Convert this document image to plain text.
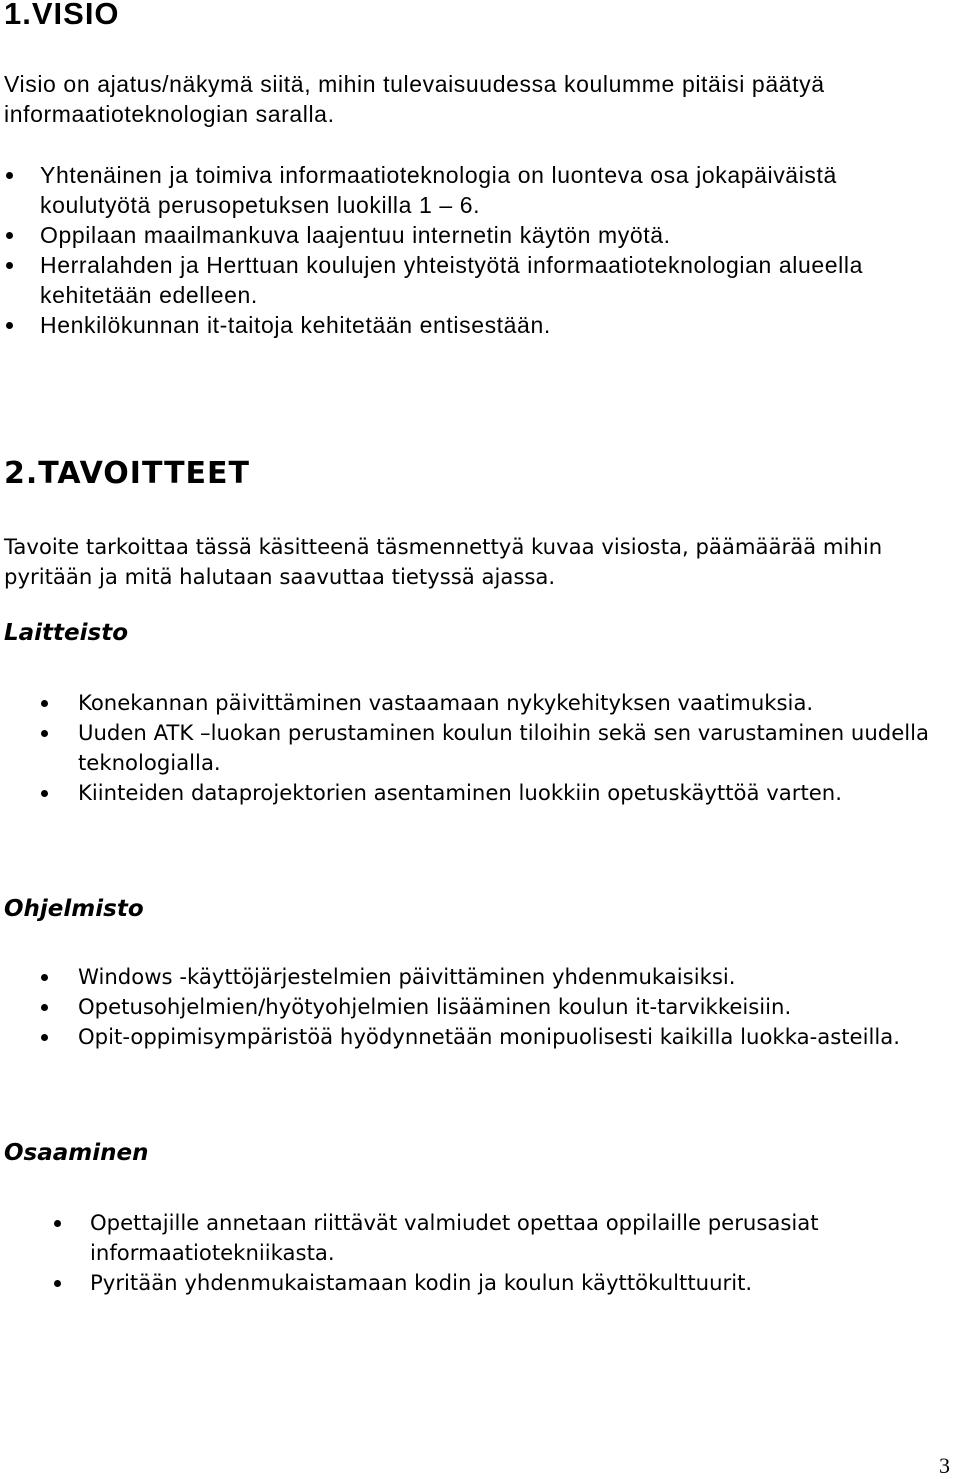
1.VISIO

Visio on ajatus/näkymä siitä, mihin tulevaisuudessa koulumme pitäisi päätyä informaatioteknologian saralla.

Yhtenäinen ja toimiva informaatioteknologia on luonteva osa jokapäiväistä koulutyötä perusopetuksen luokilla 1 – 6.
Oppilaan maailmankuva laajentuu internetin käytön myötä.
Herralahden ja Herttuan koulujen yhteistyötä informaatioteknologian alueella kehitetään edelleen.
Henkilökunnan it-taitoja kehitetään entisestään.
2.TAVOITTEET

Tavoite tarkoittaa tässä käsitteenä täsmennettyä kuvaa visiosta, päämäärää mihin pyritään ja mitä halutaan saavuttaa tietyssä ajassa.

Laitteisto
Konekannan päivittäminen vastaamaan nykykehityksen vaatimuksia.
Uuden ATK –luokan perustaminen koulun tiloihin sekä sen varustaminen uudella teknologialla.
Kiinteiden dataprojektorien asentaminen luokkiin opetuskäyttöä varten.
Ohjelmisto
Windows -käyttöjärjestelmien päivittäminen yhdenmukaisiksi.
Opetusohjelmien/hyötyohjelmien lisääminen koulun it-tarvikkeisiin.
Opit-oppimisympäristöä hyödynnetään monipuolisesti kaikilla luokka-asteilla.
Osaaminen
Opettajille annetaan riittävät valmiudet opettaa oppilaille perusasiat informaatiotekniikasta.
Pyritään yhdenmukaistamaan kodin ja koulun käyttökulttuurit.
3
